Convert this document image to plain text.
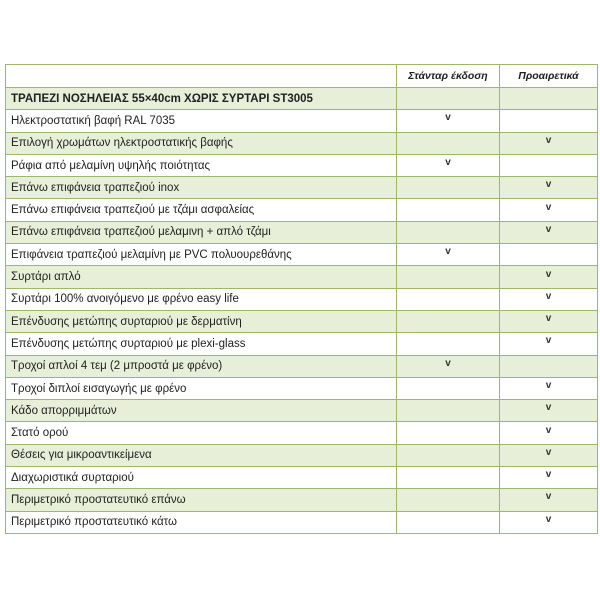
	Στάνταρ έκδοση	Προαιρετικά
ΤΡΑΠΕΖΙ ΝΟΣΗΛΕΙΑΣ 55×40cm ΧΩΡΙΣ ΣΥΡΤΑΡΙ ST3005		
Ηλεκτροστατική βαφή RAL 7035	v	
Επιλογή χρωμάτων ηλεκτροστατικής βαφής		v
Ράφια από μελαμίνη υψηλής ποιότητας	v	
Επάνω επιφάνεια τραπεζιού inox		v
Επάνω επιφάνεια τραπεζιού με τζάμι ασφαλείας		v
Επάνω επιφάνεια τραπεζιού μελαμινη + απλό τζάμι		v
Επιφάνεια τραπεζιού μελαμίνη με PVC πολυουρεθάνης	v	
Συρτάρι απλό		v
Συρτάρι 100% ανοιγόμενο με φρένο easy life		v
Επένδυσης μετώπης συρταριού με δερματίνη		v
Επένδυσης μετώπης συρταριού με plexi-glass		v
Τροχοί απλοί 4 τεμ (2 μπροστά με φρένο)	v	
Τροχοί διπλοί εισαγωγής με φρένο		v
Κάδο απορριμμάτων		v
Στατό ορού		v
Θέσεις για μικροαντικείμενα		v
Διαχωριστικά συρταριού		v
Περιμετρικό προστατευτικό επάνω		v
Περιμετρικό προστατευτικό κάτω		v
